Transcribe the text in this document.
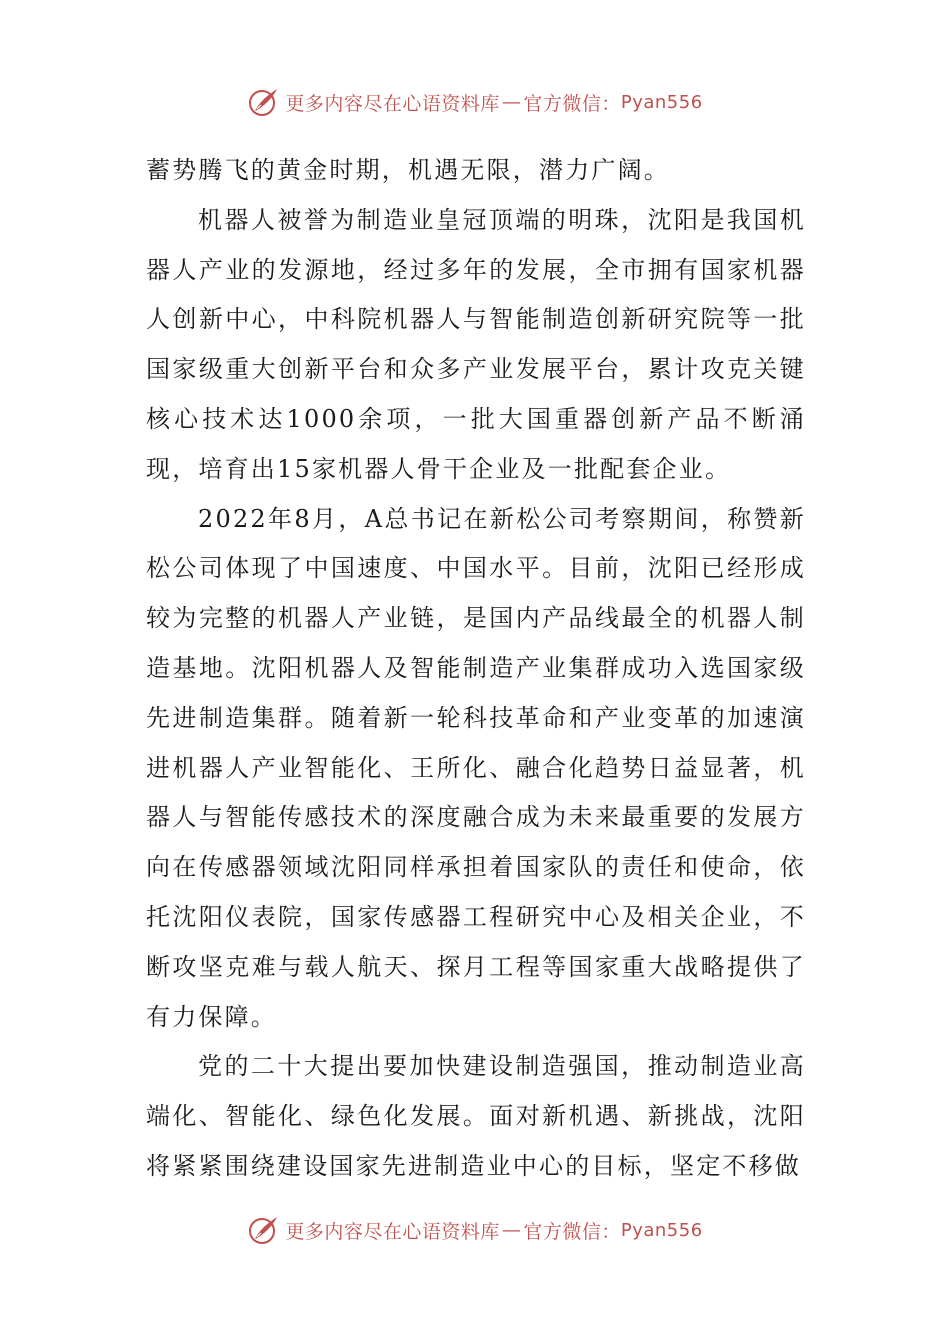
更多内容尽在心语资料库 — 官方微信： Pyan556

蓄势腾飞的黄金时期，机遇无限，潜力广阔。

机器人被誉为制造业皇冠顶端的明珠，沈阳是我国机器人产业的发源地，经过多年的发展，全市拥有国家机器人创新中心，中科院机器人与智能制造创新研究院等一批国家级重大创新平台和众多产业发展平台，累计攻克关键核心技术达1000余项，一批大国重器创新产品不断涌现，培育出15家机器人骨干企业及一批配套企业。

2022年8月，A总书记在新松公司考察期间，称赞新松公司体现了中国速度、中国水平。目前，沈阳已经形成较为完整的机器人产业链，是国内产品线最全的机器人制造基地。沈阳机器人及智能制造产业集群成功入选国家级先进制造集群。随着新一轮科技革命和产业变革的加速演进机器人产业智能化、王所化、融合化趋势日益显著，机器人与智能传感技术的深度融合成为未来最重要的发展方向在传感器领域沈阳同样承担着国家队的责任和使命，依托沈阳仪表院，国家传感器工程研究中心及相关企业，不断攻坚克难与载人航天、探月工程等国家重大战略提供了有力保障。

党的二十大提出要加快建设制造强国，推动制造业高端化、智能化、绿色化发展。面对新机遇、新挑战，沈阳将紧紧围绕建设国家先进制造业中心的目标，坚定不移做

更多内容尽在心语资料库 — 官方微信： Pyan556
